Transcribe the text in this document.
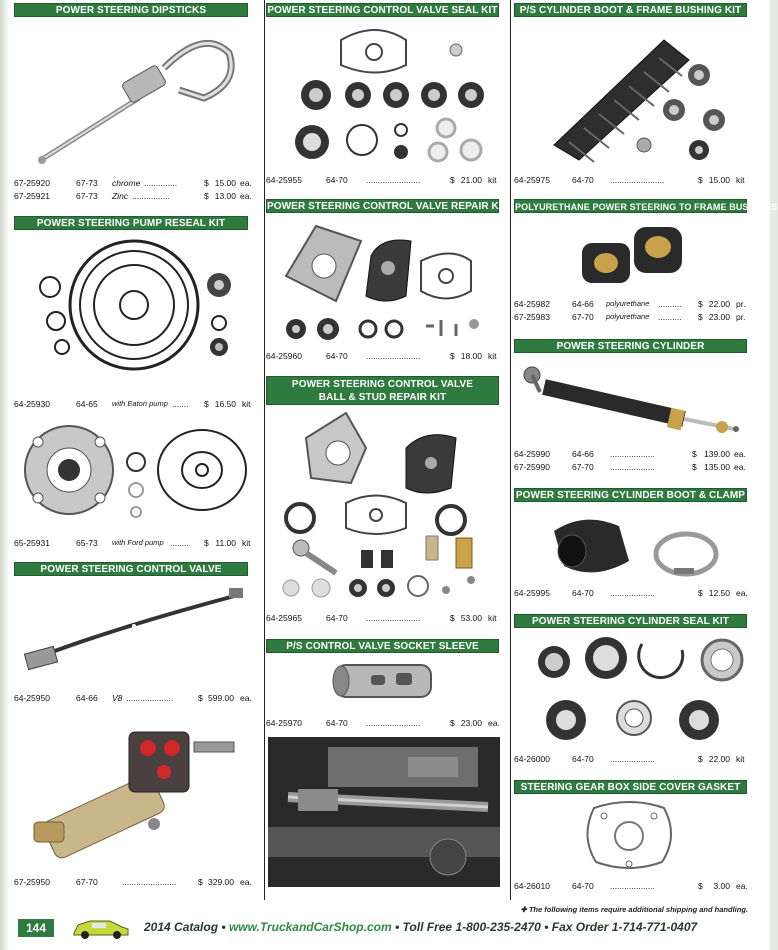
POWER STEERING DIPSTICKS
67-25920	67-73 chrome ..............	$ 15.00 ea.
67-25921	67-73 Zinc ................	$ 13.00 ea.
POWER STEERING PUMP RESEAL KIT
64-25930	64-65 with Eaton pump .......	$ 16.50 kit
65-25931	65-73 with Ford pump ........	$ 11.00 kit
POWER STEERING CONTROL VALVE
64-25950	64-66 V8 ....................	$ 599.00 ea.
67-25950	67-70	.......................	$ 329.00 ea.
POWER STEERING CONTROL VALVE SEAL KIT
64-25955	64-70 .......................	$ 21.00 kit
POWER STEERING CONTROL VALVE REPAIR KIT
64-25960	64-70 .......................	$ 18.00 kit
POWER STEERING CONTROL VALVE
BALL & STUD REPAIR KIT
64-25965	64-70 .......................	$ 53.00 kit
P/S CONTROL VALVE SOCKET SLEEVE
64-25970	64-70 .......................	$ 23.00 ea.
P/S CYLINDER BOOT & FRAME BUSHING KIT
64-25975	64-70 .......................	$ 15.00 kit
POLYURETHANE POWER STEERING TO FRAME BUSHINGS
64-25982	64-66 polyurethane ..........	$ 22.00 pr.
67-25983	67-70 polyurethane ..........	$ 23.00 pr.
POWER STEERING CYLINDER
64-25990	64-66 ...................	$ 139.00 ea.
67-25990	67-70 ...................	$ 135.00 ea.
POWER STEERING CYLINDER BOOT & CLAMP
64-25995	64-70 ...................	$ 12.50 ea.
POWER STEERING CYLINDER SEAL KIT
64-26000	64-70 ...................	$ 22.00 kit
STEERING GEAR BOX SIDE COVER GASKET
64-26010	64-70 ...................	$	3.00 ea.
✚ The following items require additional shipping and handling.
144	2014 Catalog • www.TruckandCarShop.com • Toll Free 1-800-235-2470 • Fax Order 1-714-771-0407
